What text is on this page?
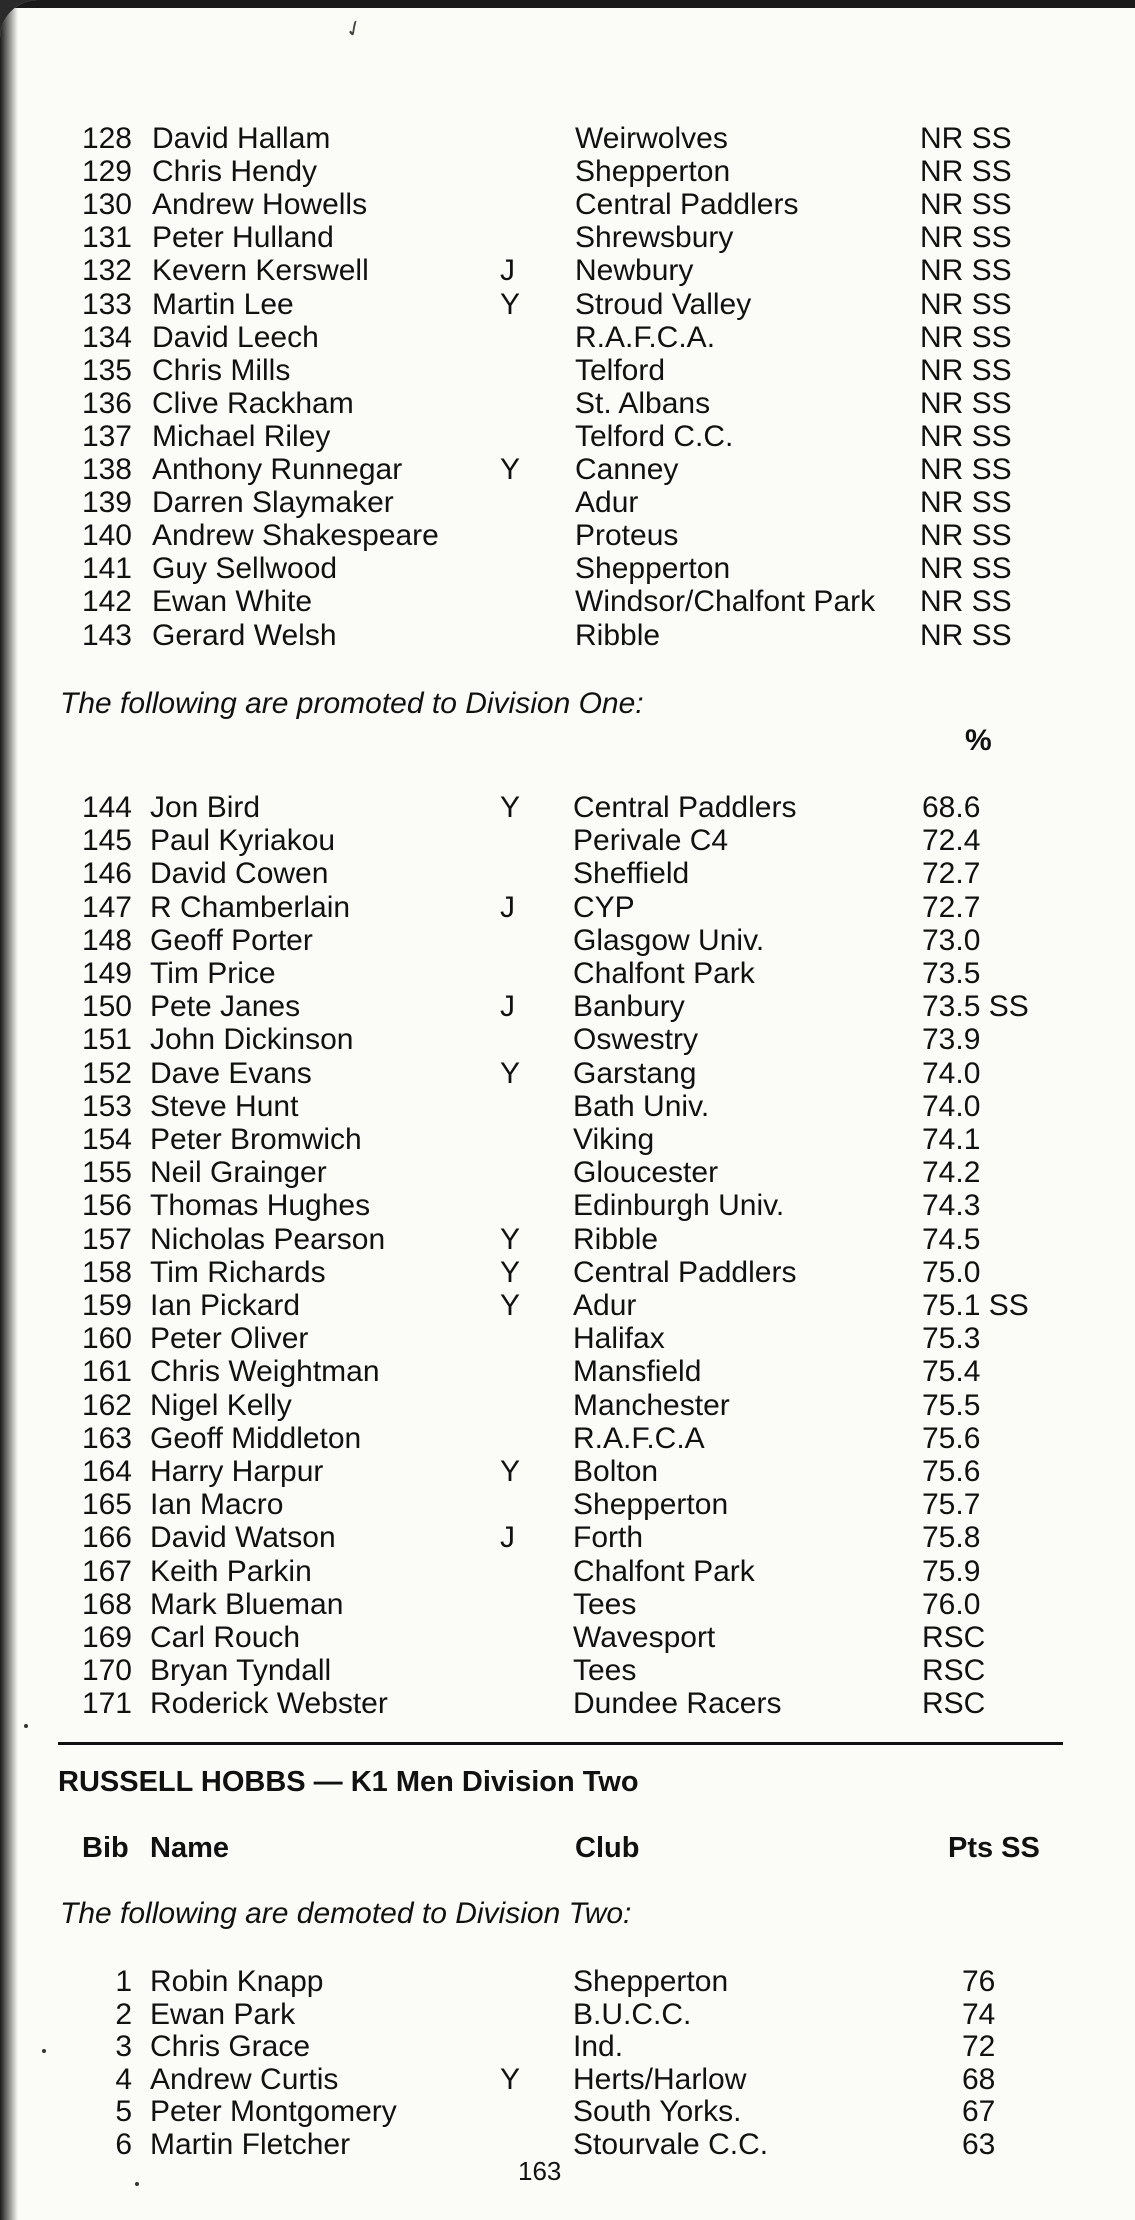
✓
128 David Hallam	Weirwolves	NR SS
129 Chris Hendy	Shepperton	NR SS
130 Andrew Howells	Central Paddlers	NR SS
131 Peter Hulland	Shrewsbury	NR SS
132 Kevern Kerswell	J Newbury	NR SS
133 Martin Lee	Y Stroud Valley	NR SS
134 David Leech	R.A.F.C.A.	NR SS
135 Chris Mills	Telford	NR SS
136 Clive Rackham	St. Albans	NR SS
137 Michael Riley	Telford C.C.	NR SS
138 Anthony Runnegar	Y Canney	NR SS
139 Darren Slaymaker	Adur	NR SS
140 Andrew Shakespeare	Proteus	NR SS
141 Guy Sellwood	Shepperton	NR SS
142 Ewan White	Windsor/Chalfont Park NR SS
143 Gerard Welsh	Ribble	NR SS
The following are promoted to Division One:
%
144 Jon Bird	Y Central Paddlers	68.6
145 Paul Kyriakou	Perivale C4	72.4
146 David Cowen	Sheffield	72.7
147 R Chamberlain	J CYP	72.7
148 Geoff Porter	Glasgow Univ.	73.0
149 Tim Price	Chalfont Park	73.5
150 Pete Janes	J Banbury	73.5 SS
151 John Dickinson	Oswestry	73.9
152 Dave Evans	Y Garstang	74.0
153 Steve Hunt	Bath Univ.	74.0
154 Peter Bromwich	Viking	74.1
155 Neil Grainger	Gloucester	74.2
156 Thomas Hughes	Edinburgh Univ.	74.3
157 Nicholas Pearson	Y Ribble	74.5
158 Tim Richards	Y Central Paddlers	75.0
159 Ian Pickard	Y Adur	75.1 SS
160 Peter Oliver	Halifax	75.3
161 Chris Weightman	Mansfield	75.4
162 Nigel Kelly	Manchester	75.5
163 Geoff Middleton	R.A.F.C.A	75.6
164 Harry Harpur	Y Bolton	75.6
165 Ian Macro	Shepperton	75.7
166 David Watson	J Forth	75.8
167 Keith Parkin	Chalfont Park	75.9
168 Mark Blueman	Tees	76.0
169 Carl Rouch	Wavesport	RSC
170 Bryan Tyndall	Tees	RSC
171 Roderick Webster	Dundee Racers	RSC
RUSSELL HOBBS — K1 Men Division Two
Bib Name	Club	Pts SS
The following are demoted to Division Two:
1 Robin Knapp	Shepperton	76
2 Ewan Park	B.U.C.C.	74
3 Chris Grace	Ind.	72
4 Andrew Curtis	Y Herts/Harlow	68
5 Peter Montgomery	South Yorks.	67
6 Martin Fletcher	Stourvale C.C.	63
163
